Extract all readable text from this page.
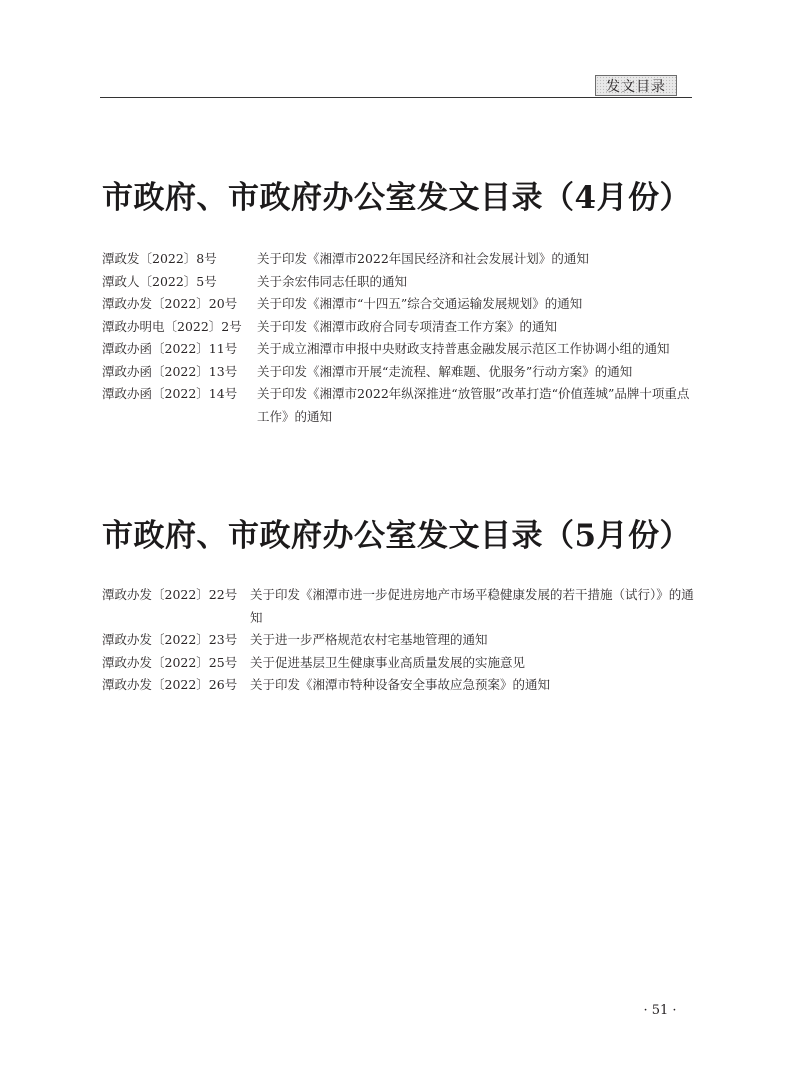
发文目录
市政府、市政府办公室发文目录（4月份）
潭政发〔2022〕8号	关于印发《湘潭市2022年国民经济和社会发展计划》的通知
潭政人〔2022〕5号	关于余宏伟同志任职的通知
潭政办发〔2022〕20号	关于印发《湘潭市“十四五”综合交通运输发展规划》的通知
潭政办明电〔2022〕2号	关于印发《湘潭市政府合同专项清查工作方案》的通知
潭政办函〔2022〕11号	关于成立湘潭市申报中央财政支持普惠金融发展示范区工作协调小组的通知
潭政办函〔2022〕13号	关于印发《湘潭市开展“走流程、解难题、优服务”行动方案》的通知
潭政办函〔2022〕14号	关于印发《湘潭市2022年纵深推进“放管服”改革打造“价值莲城”品牌十项重点工作》的通知
市政府、市政府办公室发文目录（5月份）
潭政办发〔2022〕22号	关于印发《湘潭市进一步促进房地产市场平稳健康发展的若干措施（试行）》的通知
潭政办发〔2022〕23号	关于进一步严格规范农村宅基地管理的通知
潭政办发〔2022〕25号	关于促进基层卫生健康事业高质量发展的实施意见
潭政办发〔2022〕26号	关于印发《湘潭市特种设备安全事故应急预案》的通知
· 51 ·
